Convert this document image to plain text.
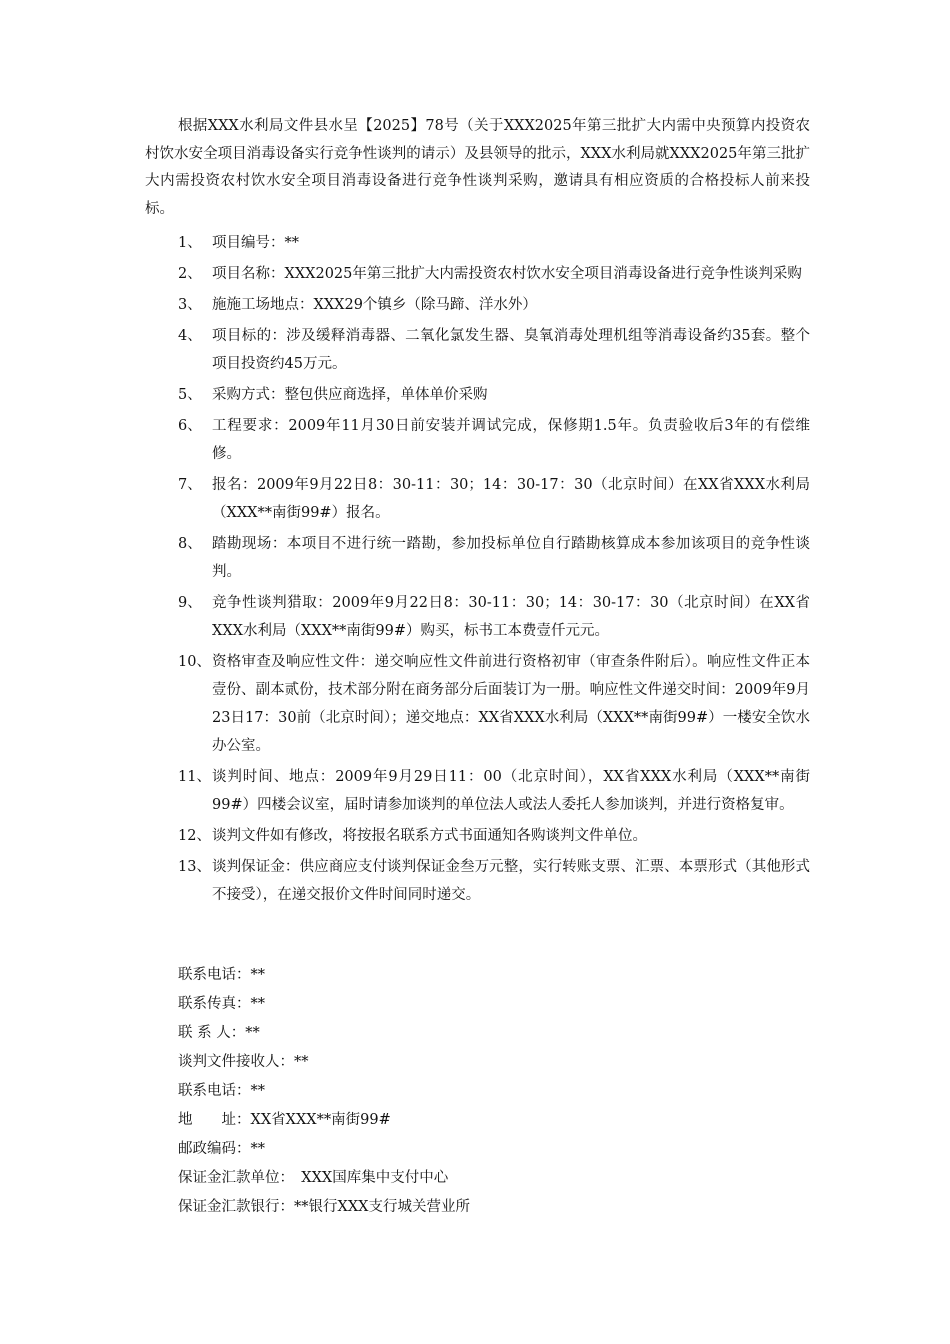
根据XXX水利局文件县水呈【2025】78号（关于XXX2025年第三批扩大内需中央预算内投资农村饮水安全项目消毒设备实行竞争性谈判的请示）及县领导的批示，XXX水利局就XXX2025年第三批扩大内需投资农村饮水安全项目消毒设备进行竞争性谈判采购，邀请具有相应资质的合格投标人前来投标。

1、 项目编号：**
2、 项目名称：XXX2025年第三批扩大内需投资农村饮水安全项目消毒设备进行竞争性谈判采购
3、 施施工场地点：XXX29个镇乡（除马蹄、洋水外）
4、 项目标的：涉及缓释消毒器、二氧化氯发生器、臭氧消毒处理机组等消毒设备约35套。整个项目投资约45万元。
5、 采购方式：整包供应商选择，单体单价采购
6、 工程要求：2009年11月30日前安装并调试完成，保修期1.5年。负责验收后3年的有偿维修。
7、 报名：2009年9月22日8：30-11：30；14：30-17：30（北京时间）在XX省XXX水利局（XXX**南街99#）报名。
8、 踏勘现场：本项目不进行统一踏勘，参加投标单位自行踏勘核算成本参加该项目的竞争性谈判。
9、 竞争性谈判猎取：2009年9月22日8：30-11：30；14：30-17：30（北京时间）在XX省XXX水利局（XXX**南街99#）购买，标书工本费壹仟元元。
10、 资格审查及响应性文件：递交响应性文件前进行资格初审（审查条件附后）。响应性文件正本壹份、副本贰份，技术部分附在商务部分后面装订为一册。响应性文件递交时间：2009年9月23日17：30前（北京时间）；递交地点：XX省XXX水利局（XXX**南街99#）一楼安全饮水办公室。
11、 谈判时间、地点：2009年9月29日11：00（北京时间），XX省XXX水利局（XXX**南街99#）四楼会议室，届时请参加谈判的单位法人或法人委托人参加谈判，并进行资格复审。
12、 谈判文件如有修改，将按报名联系方式书面通知各购谈判文件单位。
13、 谈判保证金：供应商应支付谈判保证金叁万元整，实行转账支票、汇票、本票形式（其他形式不接受），在递交报价文件时间同时递交。
联系电话：**
联系传真：**
联 系 人：**
谈判文件接收人：**
联系电话：**
地　　址：XX省XXX**南街99#
邮政编码：**
保证金汇款单位：　XXX国库集中支付中心
保证金汇款银行：**银行XXX支行城关营业所
